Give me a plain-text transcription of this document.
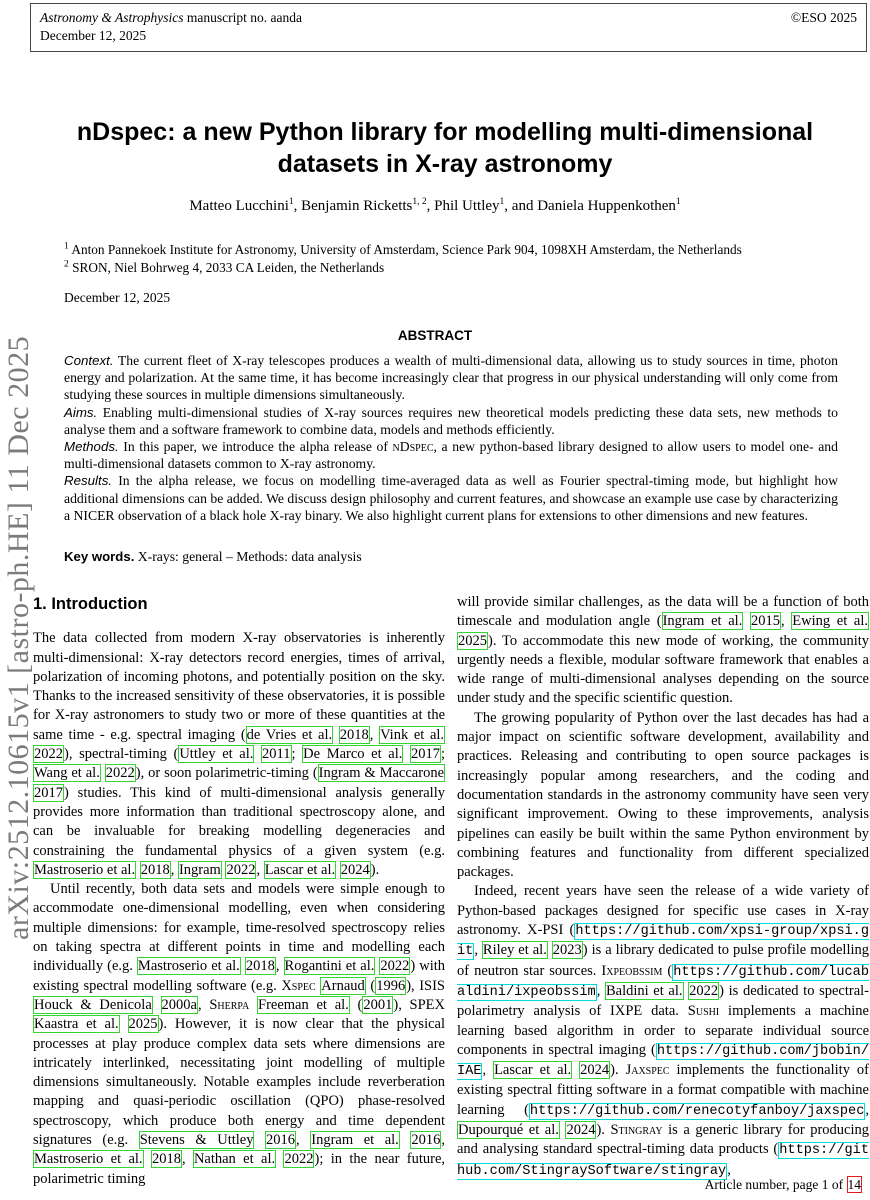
arXiv:2512.10615v1 [astro-ph.HE] 11 Dec 2025
Astronomy & Astrophysics manuscript no. aanda
December 12, 2025
©ESO 2025
nDspec: a new Python library for modelling multi-dimensional datasets in X-ray astronomy
Matteo Lucchini$^1$, Benjamin Ricketts$^{1, 2}$, Phil Uttley$^1$, and Daniela Huppenkothen$^1$
$^1$ Anton Pannekoek Institute for Astronomy, University of Amsterdam, Science Park 904, 1098XH Amsterdam, the Netherlands
$^2$ SRON, Niel Bohrweg 4, 2033 CA Leiden, the Netherlands
December 12, 2025
ABSTRACT

Context. The current fleet of X-ray telescopes produces a wealth of multi-dimensional data, allowing us to study sources in time, photon energy and polarization. At the same time, it has become increasingly clear that progress in our physical understanding will only come from studying these sources in multiple dimensions simultaneously.

Aims. Enabling multi-dimensional studies of X-ray sources requires new theoretical models predicting these data sets, new methods to analyse them and a software framework to combine data, models and methods efficiently.

Methods. In this paper, we introduce the alpha release of nDspec, a new python-based library designed to allow users to model one- and multi-dimensional datasets common to X-ray astronomy.

Results. In the alpha release, we focus on modelling time-averaged data as well as Fourier spectral-timing mode, but highlight how additional dimensions can be added. We discuss design philosophy and current features, and showcase an example use case by characterizing a NICER observation of a black hole X-ray binary. We also highlight current plans for extensions to other dimensions and new features.

Key words. X-rays: general – Methods: data analysis
1. Introduction

The data collected from modern X-ray observatories is inherently multi-dimensional: X-ray detectors record energies, times of arrival, polarization of incoming photons, and potentially position on the sky. Thanks to the increased sensitivity of these observatories, it is possible for X-ray astronomers to study two or more of these quantities at the same time - e.g. spectral imaging (de Vries et al. 2018, Vink et al. 2022), spectral-timing (Uttley et al. 2011; De Marco et al. 2017; Wang et al. 2022), or soon polarimetric-timing (Ingram & Maccarone 2017) studies. This kind of multi-dimensional analysis generally provides more information than traditional spectroscopy alone, and can be invaluable for breaking modelling degeneracies and constraining the fundamental physics of a given system (e.g. Mastroserio et al. 2018, Ingram 2022, Lascar et al. 2024).

Until recently, both data sets and models were simple enough to accommodate one-dimensional modelling, even when considering multiple dimensions: for example, time-resolved spectroscopy relies on taking spectra at different points in time and modelling each individually (e.g. Mastroserio et al. 2018, Rogantini et al. 2022) with existing spectral modelling software (e.g. Xspec Arnaud (1996), ISIS Houck & Denicola 2000a, Sherpa Freeman et al. (2001), SPEX Kaastra et al. 2025). However, it is now clear that the physical processes at play produce complex data sets where dimensions are intricately interlinked, necessitating joint modelling of multiple dimensions simultaneously. Notable examples include reverberation mapping and quasi-periodic oscillation (QPO) phase-resolved spectroscopy, which produce both energy and time dependent signatures (e.g. Stevens & Uttley 2016, Ingram et al. 2016, Mastroserio et al. 2018, Nathan et al. 2022); in the near future, polarimetric timing

will provide similar challenges, as the data will be a function of both timescale and modulation angle (Ingram et al. 2015, Ewing et al. 2025). To accommodate this new mode of working, the community urgently needs a flexible, modular software framework that enables a wide range of multi-dimensional analyses depending on the source under study and the specific scientific question.

The growing popularity of Python over the last decades has had a major impact on scientific software development, availability and practices. Releasing and contributing to open source packages is increasingly popular among researchers, and the coding and documentation standards in the astronomy community have seen very significant improvement. Owing to these improvements, analysis pipelines can easily be built within the same Python environment by combining features and functionality from different specialized packages.

Indeed, recent years have seen the release of a wide variety of Python-based packages designed for specific use cases in X-ray astronomy. X-PSI (https://github.com/xpsi-group/xpsi.git, Riley et al. 2023) is a library dedicated to pulse profile modelling of neutron star sources. Ixpeobssim (https://github.com/lucabaldini/ixpeobssim, Baldini et al. 2022) is dedicated to spectral-polarimetry analysis of IXPE data. Sushi implements a machine learning based algorithm in order to separate individual source components in spectral imaging (https://github.com/jbobin/IAE, Lascar et al. 2024). Jaxspec implements the functionality of existing spectral fitting software in a format compatible with machine learning (https://github.com/renecotyfanboy/jaxspec, Dupourqué et al. 2024). Stingray is a generic library for producing and analysing standard spectral-timing data products (https://github.com/StingraySoftware/stingray,

Article number, page 1 of 14
